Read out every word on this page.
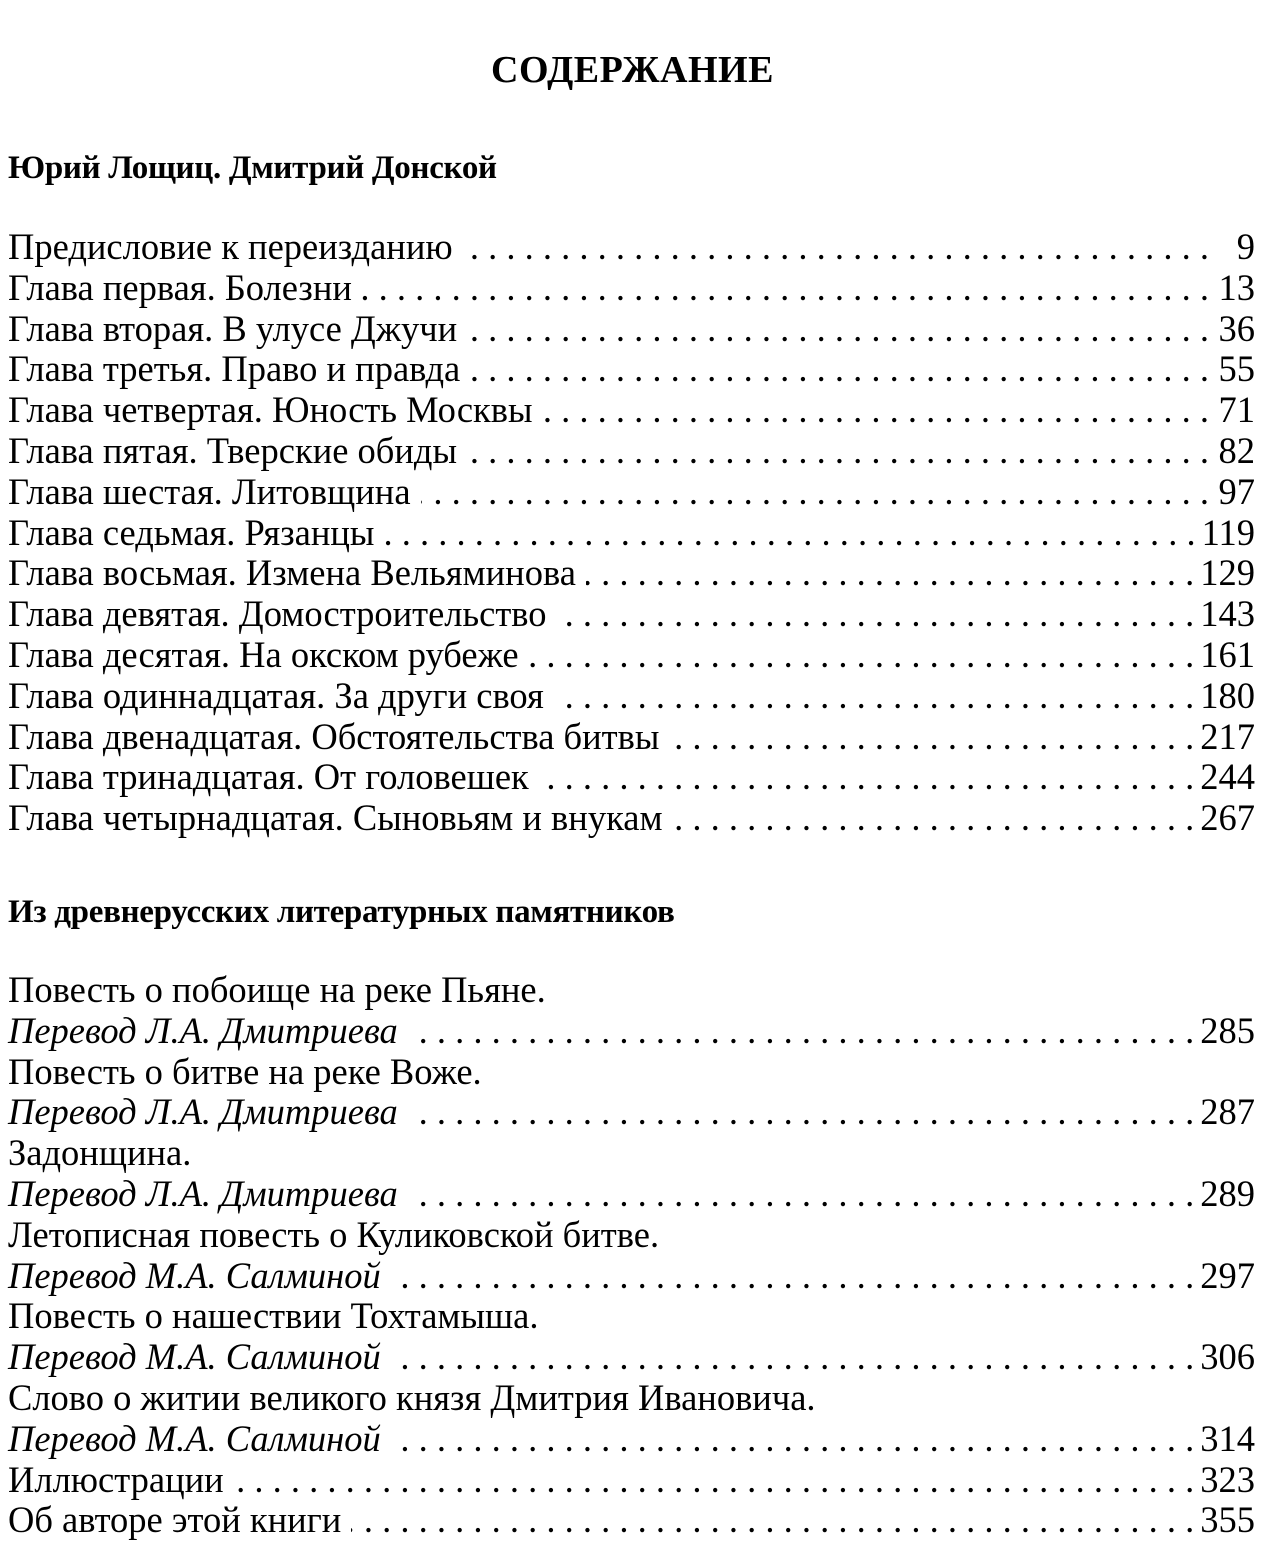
СОДЕРЖАНИЕ
Юрий Лощиц. Дмитрий Донской
Предисловие к переизданию . . .	9
Глава первая. Болезни . . .	13
Глава вторая. В улусе Джучи . . .	36
Глава третья. Право и правда . . .	55
Глава четвертая. Юность Москвы . . .	71
Глава пятая. Тверские обиды . . .	82
Глава шестая. Литовщина . . .	97
Глава седьмая. Рязанцы . . .	119
Глава восьмая. Измена Вельяминова . . .	129
Глава девятая. Домостроительство . . .	143
Глава десятая. На окском рубеже . . .	161
Глава одиннадцатая. За други своя . . .	180
Глава двенадцатая. Обстоятельства битвы . . .	217
Глава тринадцатая. От головешек . . .	244
Глава четырнадцатая. Сыновьям и внукам . . .	267
Из древнерусских литературных памятников
Повесть о побоище на реке Пьяне.
Перевод Л.А. Дмитриева . . .	285
Повесть о битве на реке Воже.
Перевод Л.А. Дмитриева . . .	287
Задонщина.
Перевод Л.А. Дмитриева . . .	289
Летописная повесть о Куликовской битве.
Перевод М.А. Салминой . . .	297
Повесть о нашествии Тохтамыша.
Перевод М.А. Салминой . . .	306
Слово о житии великого князя Дмитрия Ивановича.
Перевод М.А. Салминой . . .	314
Иллюстрации . . .	323
Об авторе этой книги . . .	355
